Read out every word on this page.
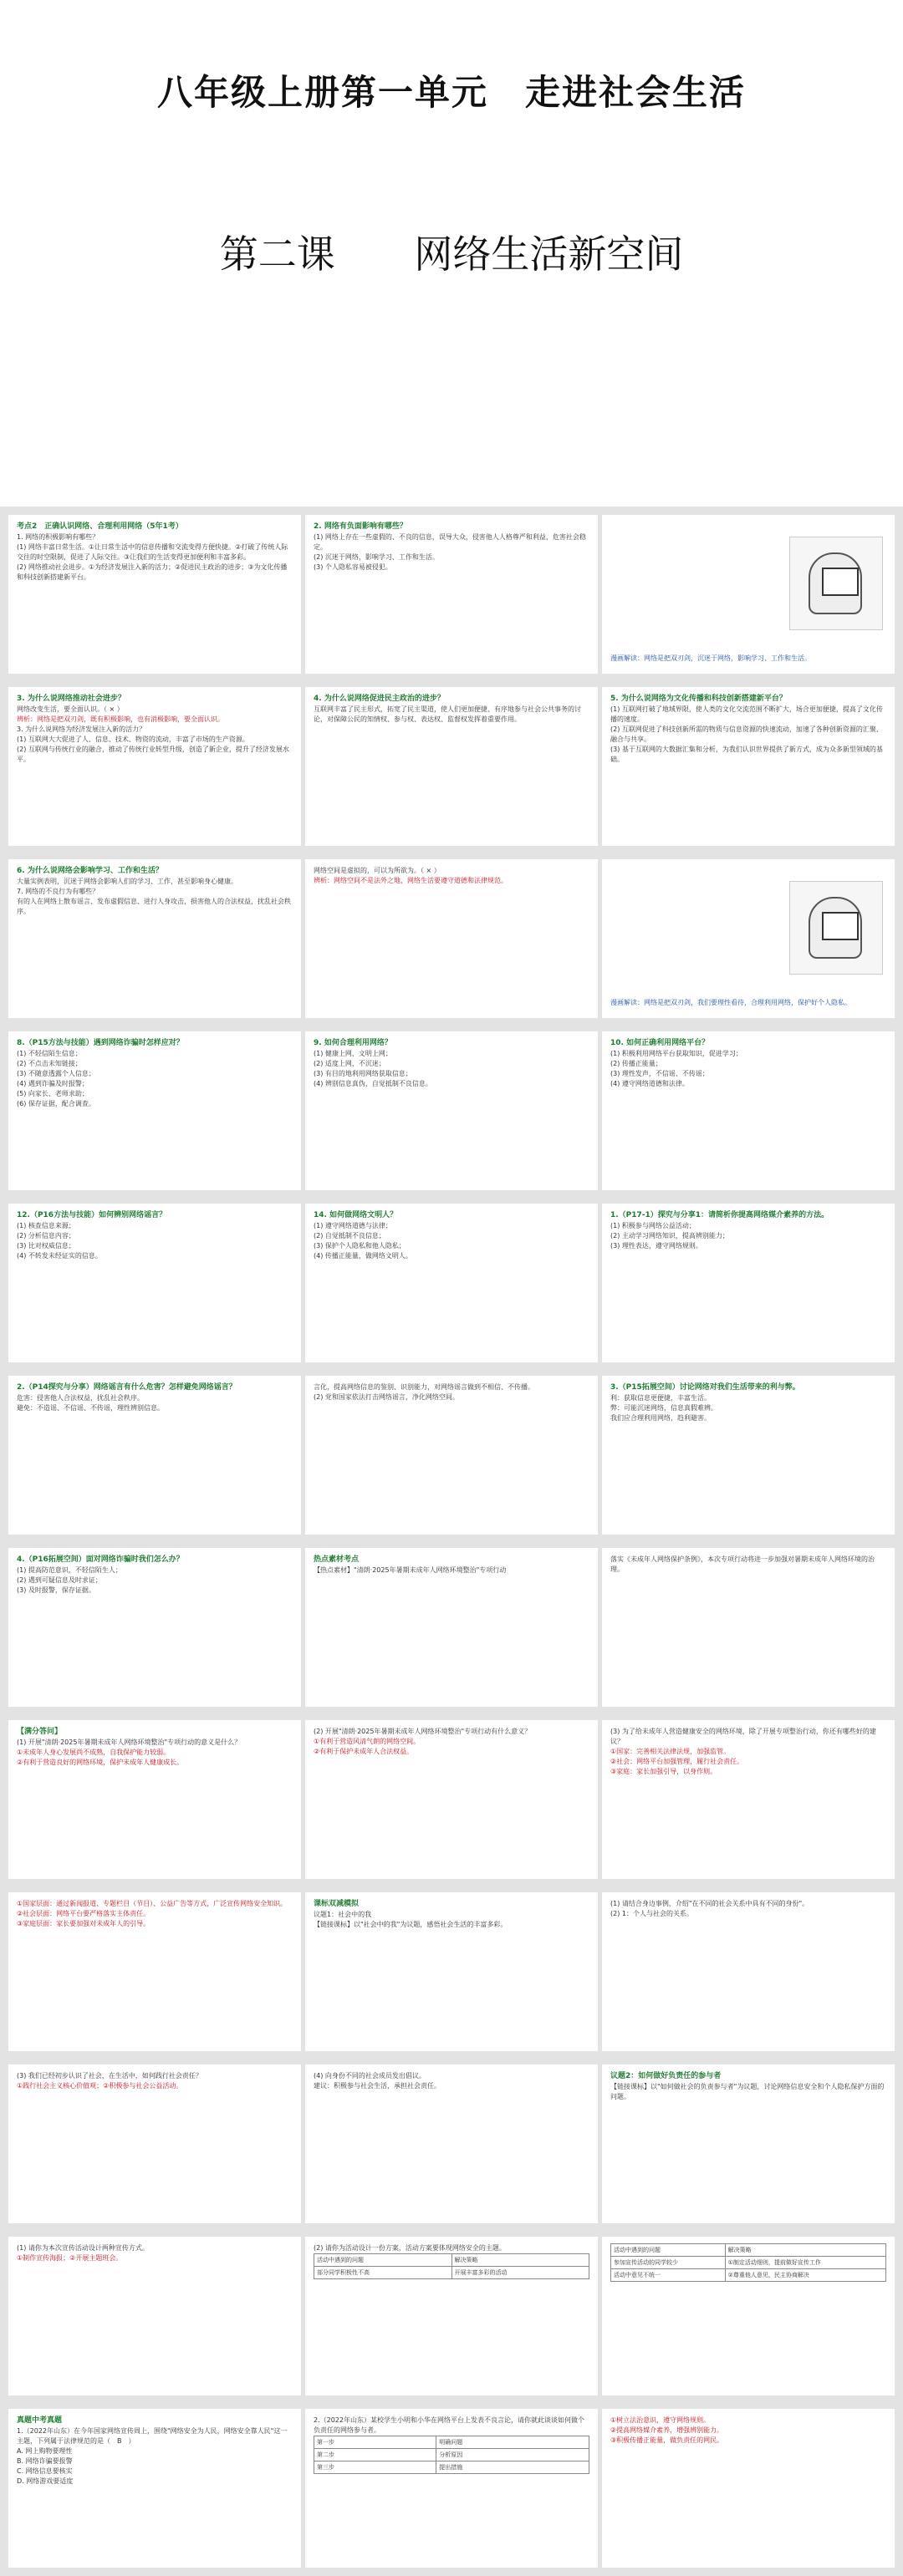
八年级上册第一单元　走进社会生活
第二课 网络生活新空间
考点2　正确认识网络、合理利用网络（5年1考）
1. 网络的积极影响有哪些？
(1) 网络丰富日常生活。①让日常生活中的信息传播和交流变得方便快捷。②打破了传统人际交往的时空限制，促进了人际交往。③让我们的生活变得更加便利和丰富多彩。
(2) 网络推动社会进步。①为经济发展注入新的活力；②促进民主政治的进步；③为文化传播和科技创新搭建新平台。
2. 网络有负面影响有哪些？
(1) 网络上存在一些虚假的、不良的信息，误导大众，侵害他人人格尊严和利益，危害社会稳定。
(2) 沉迷于网络，影响学习、工作和生活。
(3) 个人隐私容易被侵犯。
漫画解读：网络是把双刃剑，沉迷于网络，影响学习、工作和生活。
3. 为什么说网络推动社会进步？
网络改变生活，要全面认识。（ × ）
辨析：网络是把双刃剑，既有积极影响，也有消极影响，要全面认识。
3. 为什么说网络为经济发展注入新的活力？
(1) 互联网大大促进了人、信息、技术、物资的流动，丰富了市场的生产资源。
(2) 互联网与传统行业的融合，推动了传统行业转型升级，创造了新企业，提升了经济发展水平。
4. 为什么说网络促进民主政治的进步？
互联网丰富了民主形式，拓宽了民主渠道，使人们更加便捷、有序地参与社会公共事务的讨论，对保障公民的知情权、参与权、表达权、监督权发挥着重要作用。
5. 为什么说网络为文化传播和科技创新搭建新平台？
(1) 互联网打破了地域界限，使人类的文化交流范围不断扩大，场合更加便捷，提高了文化传播的速度。
(2) 互联网促进了科技创新所需的物质与信息资源的快速流动，加速了各种创新资源的汇聚、融合与共享。
(3) 基于互联网的大数据汇集和分析，为我们认识世界提供了新方式，成为众多新型领域的基础。
6. 为什么说网络会影响学习、工作和生活？
大量实例表明，沉迷于网络会影响人们的学习、工作，甚至影响身心健康。
7. 网络的不良行为有哪些？
有的人在网络上散布谣言、发布虚假信息、进行人身攻击，损害他人的合法权益，扰乱社会秩序。
网络空间是虚拟的，可以为所欲为。（ × ）
辨析：网络空间不是法外之地，网络生活要遵守道德和法律规范。
漫画解读：网络是把双刃剑，我们要理性看待，合理利用网络，保护好个人隐私。
8.（P15方法与技能）遇到网络诈骗时怎样应对？
(1) 不轻信陌生信息；
(2) 不点击未知链接；
(3) 不随意透露个人信息；
(4) 遇到诈骗及时报警；
(5) 向家长、老师求助；
(6) 保存证据，配合调查。
9. 如何合理利用网络？
(1) 健康上网，文明上网；
(2) 适度上网，不沉迷；
(3) 有目的地利用网络获取信息；
(4) 辨别信息真伪，自觉抵制不良信息。
10. 如何正确利用网络平台？
(1) 积极利用网络平台获取知识，促进学习；
(2) 传播正能量；
(3) 理性发声，不信谣、不传谣；
(4) 遵守网络道德和法律。
12.（P16方法与技能）如何辨别网络谣言？
(1) 核查信息来源；
(2) 分析信息内容；
(3) 比对权威信息；
(4) 不转发未经证实的信息。
14. 如何做网络文明人？
(1) 遵守网络道德与法律；
(2) 自觉抵制不良信息；
(3) 保护个人隐私和他人隐私；
(4) 传播正能量，做网络文明人。
1.（P17-1）探究与分享1：请简析你提高网络媒介素养的方法。
(1) 积极参与网络公益活动；
(2) 主动学习网络知识，提高辨别能力；
(3) 理性表达，遵守网络规则。
2.（P14探究与分享）网络谣言有什么危害？怎样避免网络谣言？
危害：侵害他人合法权益，扰乱社会秩序。
避免：不造谣、不信谣、不传谣，理性辨别信息。
言化，提高网络信息的鉴别、识别能力，对网络谣言做到不相信、不传播。
(2) 党和国家依法打击网络谣言，净化网络空间。
3.（P15拓展空间）讨论网络对我们生活带来的利与弊。
利：获取信息更便捷，丰富生活。
弊：可能沉迷网络，信息真假难辨。
我们应合理利用网络，趋利避害。
4.（P16拓展空间）面对网络诈骗时我们怎么办？
(1) 提高防范意识，不轻信陌生人；
(2) 遇到可疑信息及时求证；
(3) 及时报警，保存证据。
热点素材考点
【热点素材】"清朗·2025年暑期未成年人网络环境整治"专项行动
落实《未成年人网络保护条例》，本次专项行动将进一步加强对暑期未成年人网络环境的治理。
【满分答问】
(1) 开展"清朗·2025年暑期未成年人网络环境整治"专项行动的意义是什么？
①未成年人身心发展尚不成熟，自我保护能力较弱。
②有利于营造良好的网络环境，保护未成年人健康成长。
(2) 开展"清朗·2025年暑期未成年人网络环境整治"专项行动有什么意义？
①有利于营造风清气朗的网络空间。
②有利于保护未成年人合法权益。
(3) 为了给未成年人营造健康安全的网络环境，除了开展专项整治行动，你还有哪些好的建议？
①国家：完善相关法律法规，加强监管。
②社会：网络平台加强管理，履行社会责任。
③家庭：家长加强引导，以身作则。
①国家层面：通过新闻报道、专题栏目（节目）、公益广告等方式，广泛宣传网络安全知识。
②社会层面：网络平台要严格落实主体责任。
③家庭层面：家长要加强对未成年人的引导。
课标双减模拟
议题1：社会中的我
【链接课标】以"社会中的我"为议题，感悟社会生活的丰富多彩。
(1) 请结合身边事例，介绍"在不同的社会关系中具有不同的身份"。
(2) 1：个人与社会的关系。
(3) 我们已经初步认识了社会，在生活中，如何践行社会责任？
①践行社会主义核心价值观；②积极参与社会公益活动。
(4) 向身份不同的社会成员发出倡议。
建议：积极参与社会生活，承担社会责任。
议题2：如何做好负责任的参与者
【链接课标】以"如何做社会的负责参与者"为议题，讨论网络信息安全和个人隐私保护方面的问题。
(1) 请你为本次宣传活动设计两种宣传方式。
①制作宣传海报；②开展主题班会。
(2) 请你为活动设计一份方案，活动方案要体现网络安全的主题。
活动中遇到的问题	解决策略
部分同学积极性不高	开展丰富多彩的活动
活动中遇到的问题	解决策略
参加宣传活动的同学较少	①制定活动细则，提前做好宣传工作
活动中意见不统一	②尊重他人意见，民主协商解决
真题中考真题
1.（2022年山东）在今年国家网络宣传周上，围绕"网络安全为人民，网络安全靠人民"这一主题，下列属于法律规范的是（　B　）
A. 网上购物要理性
B. 网络诈骗要报警
C. 网络信息要核实
D. 网络游戏要适度
2.（2022年山东）某校学生小明和小华在网络平台上发表不良言论，请你就此谈谈如何做个负责任的网络参与者。
第一步	明确问题
第二步	分析原因
第三步	提出措施
①树立法治意识，遵守网络规则。
②提高网络媒介素养，增强辨别能力。
③积极传播正能量，做负责任的网民。
